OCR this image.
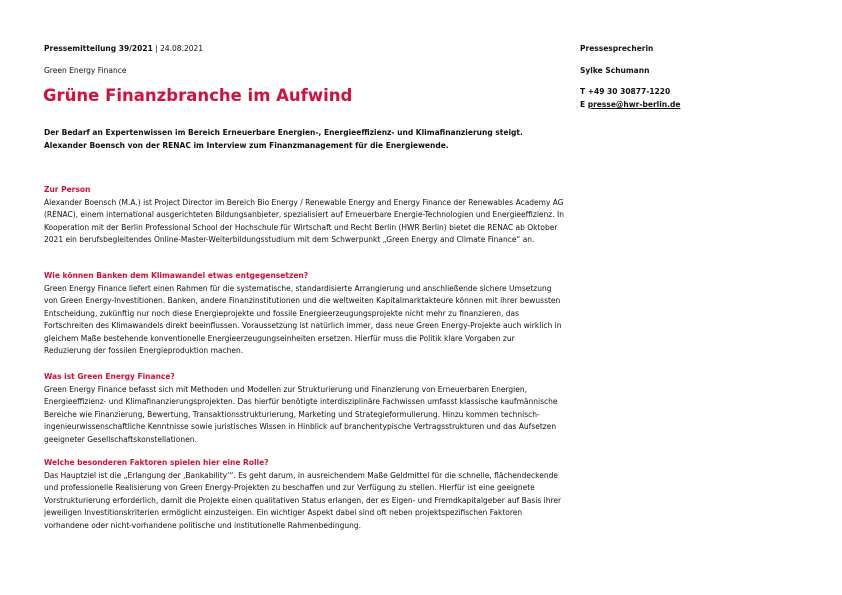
Pressemitteilung 39/2021 | 24.08.2021
Green Energy Finance
Grüne Finanzbranche im Aufwind
Der Bedarf an Expertenwissen im Bereich Erneuerbare Energien-, Energieeffizienz- und Klimafinanzierung steigt. Alexander Boensch von der RENAC im Interview zum Finanzmanagement für die Energiewende.
Zur Person

Alexander Boensch (M.A.) ist Project Director im Bereich Bio Energy / Renewable Energy and Energy Finance der Renewables Academy AG (RENAC), einem international ausgerichteten Bildungsanbieter, spezialisiert auf Erneuerbare Energie-Technologien und Energieeffizienz. In Kooperation mit der Berlin Professional School der Hochschule für Wirtschaft und Recht Berlin (HWR Berlin) bietet die RENAC ab Oktober 2021 ein berufsbegleitendes Online-Master-Weiterbildungsstudium mit dem Schwerpunkt „Green Energy and Climate Finance“ an.

Wie können Banken dem Klimawandel etwas entgegensetzen?

Green Energy Finance liefert einen Rahmen für die systematische, standardisierte Arrangierung und anschließende sichere Umsetzung von Green Energy-Investitionen. Banken, andere Finanzinstitutionen und die weltweiten Kapitalmarktakteure können mit ihrer bewussten Entscheidung, zukünftig nur noch diese Energieprojekte und fossile Energieerzeugungsprojekte nicht mehr zu finanzieren, das Fortschreiten des Klimawandels direkt beeinflussen. Voraussetzung ist natürlich immer, dass neue Green Energy-Projekte auch wirklich in gleichem Maße bestehende konventionelle Energieerzeugungseinheiten ersetzen. Hierfür muss die Politik klare Vorgaben zur Reduzierung der fossilen Energieproduktion machen.

Was ist Green Energy Finance?

Green Energy Finance befasst sich mit Methoden und Modellen zur Strukturierung und Finanzierung von Erneuerbaren Energien, Energieeffizienz- und Klimafinanzierungsprojekten. Das hierfür benötigte interdisziplinäre Fachwissen umfasst klassische kaufmännische Bereiche wie Finanzierung, Bewertung, Transaktionsstrukturierung, Marketing und Strategieformulierung. Hinzu kommen technisch-ingenieurwissenschaftliche Kenntnisse sowie juristisches Wissen in Hinblick auf branchentypische Vertragsstrukturen und das Aufsetzen geeigneter Gesellschaftskonstellationen.

Welche besonderen Faktoren spielen hier eine Rolle?

Das Hauptziel ist die „Erlangung der ‚Bankability‘“. Es geht darum, in ausreichendem Maße Geldmittel für die schnelle, flächendeckende und professionelle Realisierung von Green Energy-Projekten zu beschaffen und zur Verfügung zu stellen. Hierfür ist eine geeignete Vorstrukturierung erforderlich, damit die Projekte einen qualitativen Status erlangen, der es Eigen- und Fremdkapitalgeber auf Basis ihrer jeweiligen Investitionskriterien ermöglicht einzusteigen. Ein wichtiger Aspekt dabei sind oft neben projektspezifischen Faktoren vorhandene oder nicht-vorhandene politische und institutionelle Rahmenbedingung.

Pressesprecherin
Sylke Schumann
T +49 30 30877-1220
E presse@hwr-berlin.de
